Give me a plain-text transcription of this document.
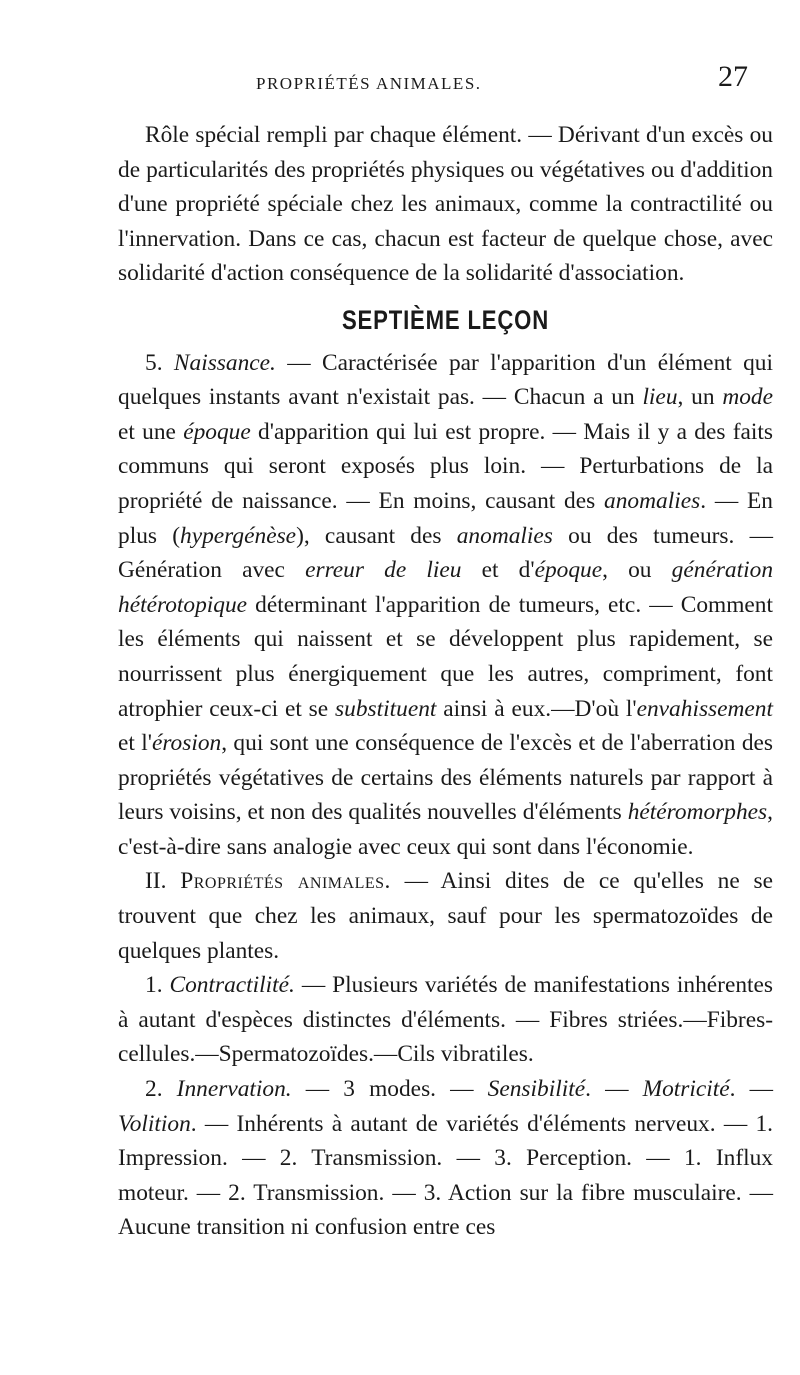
PROPRIÉTÉS ANIMALES.	27

Rôle spécial rempli par chaque élément. — Dérivant d'un excès ou de particularités des propriétés physiques ou végétatives ou d'addition d'une propriété spéciale chez les animaux, comme la contractilité ou l'innervation. Dans ce cas, chacun est facteur de quelque chose, avec solidarité d'action conséquence de la solidarité d'association.

SEPTIÈME LEÇON

5. Naissance. — Caractérisée par l'apparition d'un élément qui quelques instants avant n'existait pas. — Chacun a un lieu, un mode et une époque d'apparition qui lui est propre. — Mais il y a des faits communs qui seront exposés plus loin. — Perturbations de la propriété de naissance. — En moins, causant des anomalies. — En plus (hypergénèse), causant des anomalies ou des tumeurs. — Génération avec erreur de lieu et d'époque, ou génération hétérotopique déterminant l'apparition de tumeurs, etc. — Comment les éléments qui naissent et se développent plus rapidement, se nourrissent plus énergiquement que les autres, compriment, font atrophier ceux-ci et se substituent ainsi à eux.—D'où l'envahissement et l'érosion, qui sont une conséquence de l'excès et de l'aberration des propriétés végétatives de certains des éléments naturels par rapport à leurs voisins, et non des qualités nouvelles d'éléments hétéromorphes, c'est-à-dire sans analogie avec ceux qui sont dans l'économie.

II. Propriétés animales. — Ainsi dites de ce qu'elles ne se trouvent que chez les animaux, sauf pour les spermatozoïdes de quelques plantes.

1. Contractilité. — Plusieurs variétés de manifestations inhérentes à autant d'espèces distinctes d'éléments. — Fibres striées.—Fibres-cellules.—Spermatozoïdes.—Cils vibratiles.

2. Innervation. — 3 modes. — Sensibilité. — Motricité. — Volition. — Inhérents à autant de variétés d'éléments nerveux. — 1. Impression. — 2. Transmission. — 3. Perception. — 1. Influx moteur. — 2. Transmission. — 3. Action sur la fibre musculaire. — Aucune transition ni confusion entre ces
